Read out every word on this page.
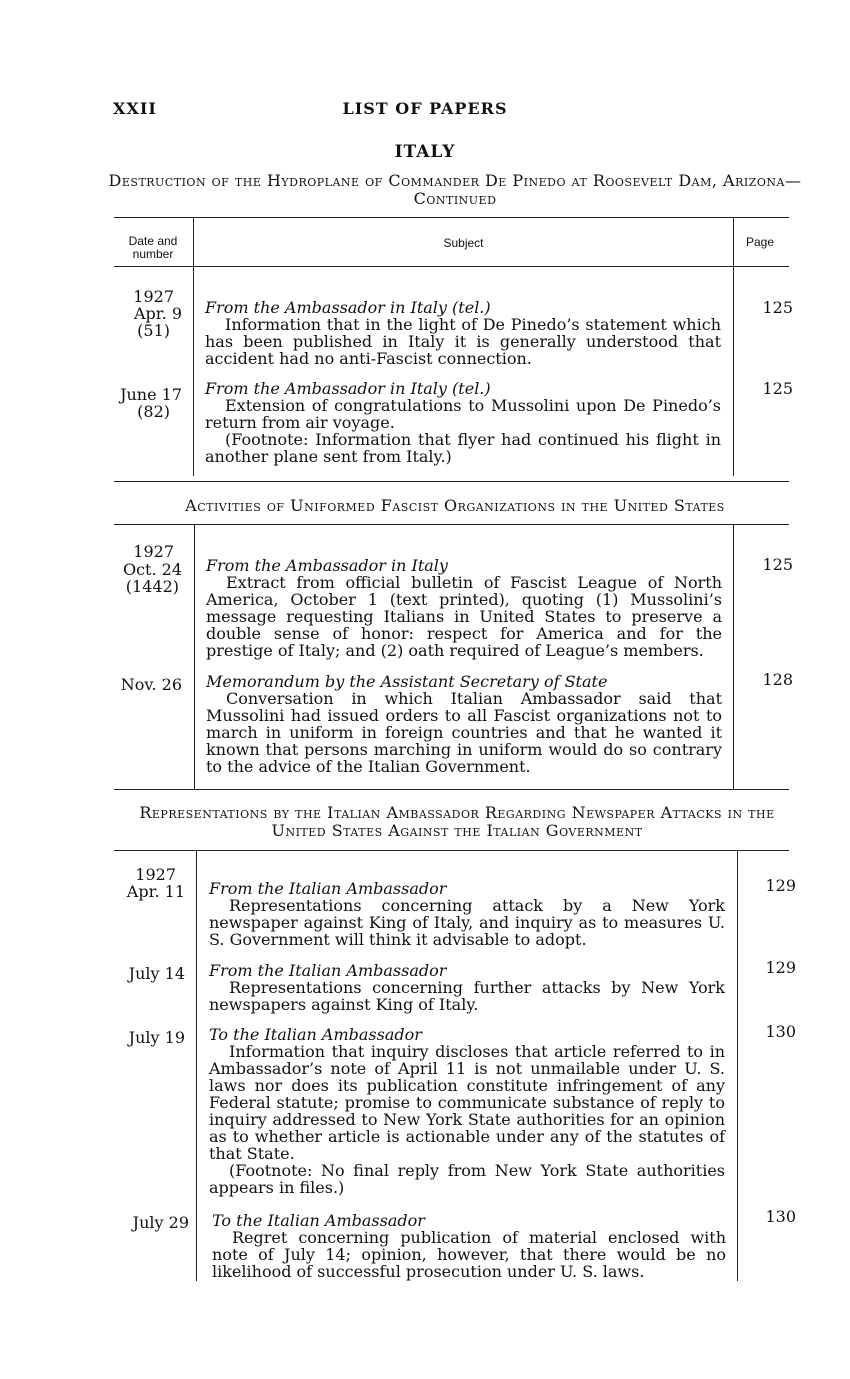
LIST OF PAPERS
XXII
ITALY
Destruction of the Hydroplane of Commander De Pinedo at Roosevelt Dam, Arizona—Continued
Date and number
Subject	Page
1927
Apr. 9
(51)
From the Ambassador in Italy (tel.)
Information that in the light of De Pinedo’s statement which has been published in Italy it is generally understood that accident had no anti-Fascist connection.
125
June 17
(82)
From the Ambassador in Italy (tel.)
Extension of congratulations to Mussolini upon De Pinedo’s return from air voyage.
(Footnote: Information that flyer had continued his flight in another plane sent from Italy.)
125
Activities of Uniformed Fascist Organizations in the United States
1927
Oct. 24
(1442)
From the Ambassador in Italy
Extract from official bulletin of Fascist League of North America, October 1 (text printed), quoting (1) Mussolini’s message requesting Italians in United States to preserve a double sense of honor: respect for America and for the prestige of Italy; and (2) oath required of League’s members.
125
Nov. 26 Memorandum by the Assistant Secretary of State
Conversation in which Italian Ambassador said that Mussolini had issued orders to all Fascist organizations not to march in uniform in foreign countries and that he wanted it known that persons marching in uniform would do so contrary to the advice of the Italian Government.
128
Representations by the Italian Ambassador Regarding Newspaper Attacks in the United States Against the Italian Government
1927
Apr. 11 From the Italian Ambassador
Representations concerning attack by a New York newspaper against King of Italy, and inquiry as to measures U. S. Government will think it advisable to adopt.
129
July 14 From the Italian Ambassador
Representations concerning further attacks by New York newspapers against King of Italy.
129
July 19 To the Italian Ambassador
Information that inquiry discloses that article referred to in Ambassador’s note of April 11 is not unmailable under U. S. laws nor does its publication constitute infringement of any Federal statute; promise to communicate substance of reply to inquiry addressed to New York State authorities for an opinion as to whether article is actionable under any of the statutes of that State.
(Footnote: No final reply from New York State authorities appears in files.)
130
July 29 To the Italian Ambassador
Regret concerning publication of material enclosed with note of July 14; opinion, however, that there would be no likelihood of successful prosecution under U. S. laws.
130
